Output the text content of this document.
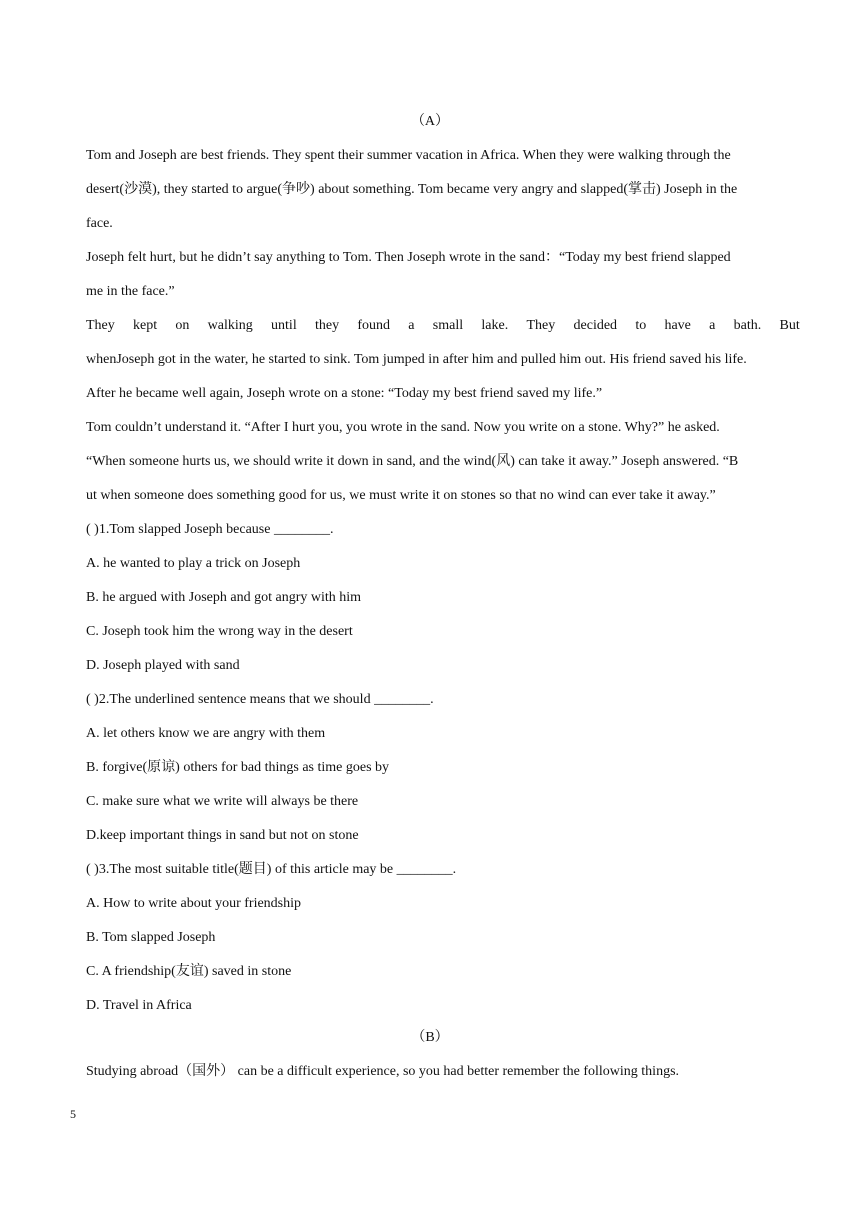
（A）
Tom and Joseph are best friends. They spent their summer vacation in Africa. When they were walking through the
desert(沙漠), they started to argue(争吵) about something. Tom became very angry and slapped(掌击) Joseph in the
face.
Joseph felt hurt, but he didn’t say anything to Tom. Then Joseph wrote in the sand：“Today my best friend slapped
me in the face.”
They kept on walking until they found a small lake. They decided to have a bath. But
whenJoseph got in the water, he started to sink. Tom jumped in after him and pulled him out. His friend saved his life.
After he became well again, Joseph wrote on a stone: “Today my best friend saved my life.”
Tom couldn’t understand it. “After I hurt you, you wrote in the sand. Now you write on a stone. Why?” he asked.
“When someone hurts us, we should write it down in sand, and the wind(风) can take it away.” Joseph answered. “B
ut when someone does something good for us, we must write it on stones so that no wind can ever take it away.”
( )1.Tom slapped Joseph because ________.
A. he wanted to play a trick on Joseph
B. he argued with Joseph and got angry with him
C. Joseph took him the wrong way in the desert
D. Joseph played with sand
( )2.The underlined sentence means that we should ________.
A. let others know we are angry with them
B. forgive(原谅) others for bad things as time goes by
C. make sure what we write will always be there
D.keep important things in sand but not on stone
( )3.The most suitable title(题目) of this article may be ________.
A. How to write about your friendship
B. Tom slapped Joseph
C. A friendship(友谊) saved in stone
D. Travel in Africa
（B）
Studying abroad（国外） can be a difficult experience, so you had better remember the following things.
5
